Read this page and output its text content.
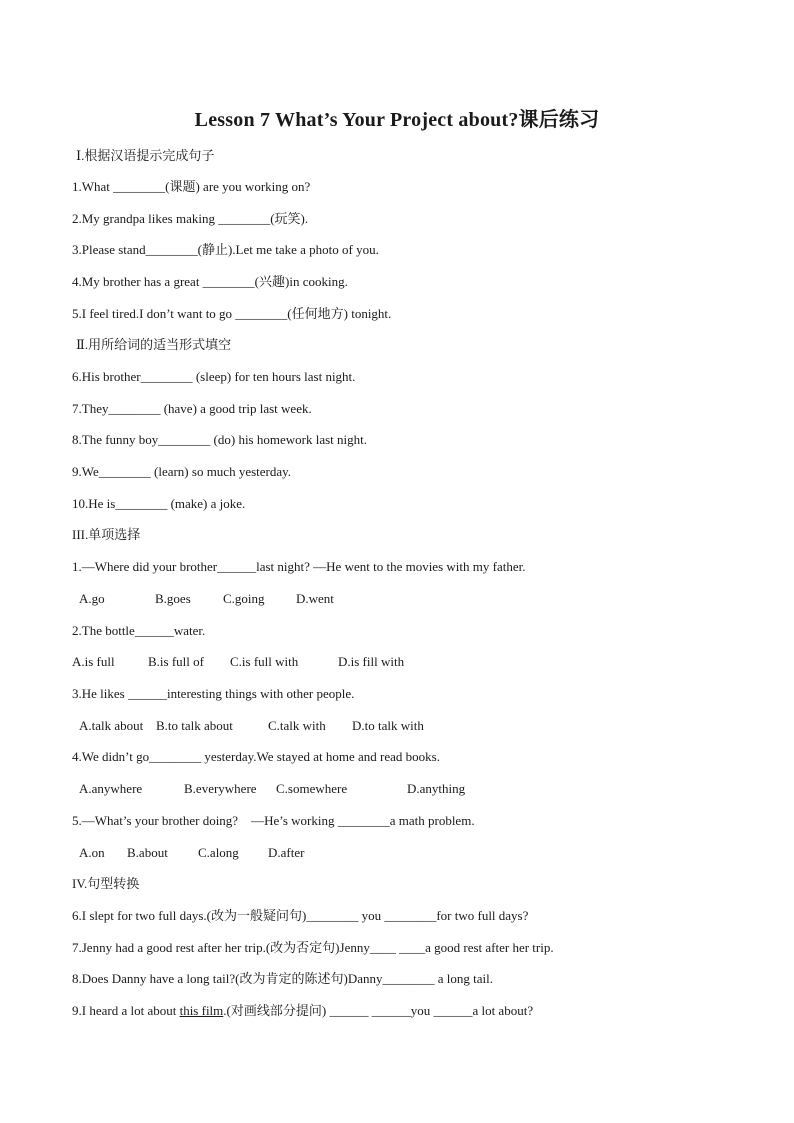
Lesson 7 What’s Your Project about?课后练习
Ⅰ.根据汉语提示完成句子
1.What ________(课题) are you working on?
2.My grandpa likes making ________(玩笑).
3.Please stand________(静止).Let me take a photo of you.
4.My brother has a great ________(兴趣)in cooking.
5.I feel tired.I don’t want to go ________(任何地方) tonight.
Ⅱ.用所给词的适当形式填空
6.His brother________ (sleep) for ten hours last night.
7.They________ (have) a good trip last week.
8.The funny boy________ (do) his homework last night.
9.We________ (learn) so much yesterday.
10.He is________ (make) a joke.
III.单项选择
1.—Where did your brother______last night? —He went to the movies with my father.
A.go	B.goes C.going D.went
2.The bottle______water.
A.is full	B.is full of C.is full with	D.is fill with
3.He likes ______interesting things with other people.
A.talk about B.to talk about	C.talk with D.to talk with
4.We didn’t go________ yesterday.We stayed at home and read books.
A.anywhere	B.everywhere C.somewhere	D.anything
5.—What’s your brother doing?    —He’s working ________a math problem.
A.on B.about C.along D.after
IV.句型转换
6.I slept for two full days.(改为一般疑问句)________ you ________for two full days?
7.Jenny had a good rest after her trip.(改为否定句)Jenny____ ____a good rest after her trip.
8.Does Danny have a long tail?(改为肯定的陈述句)Danny________ a long tail.
9.I heard a lot about this film.(对画线部分提问) ______ ______you ______a lot about?
